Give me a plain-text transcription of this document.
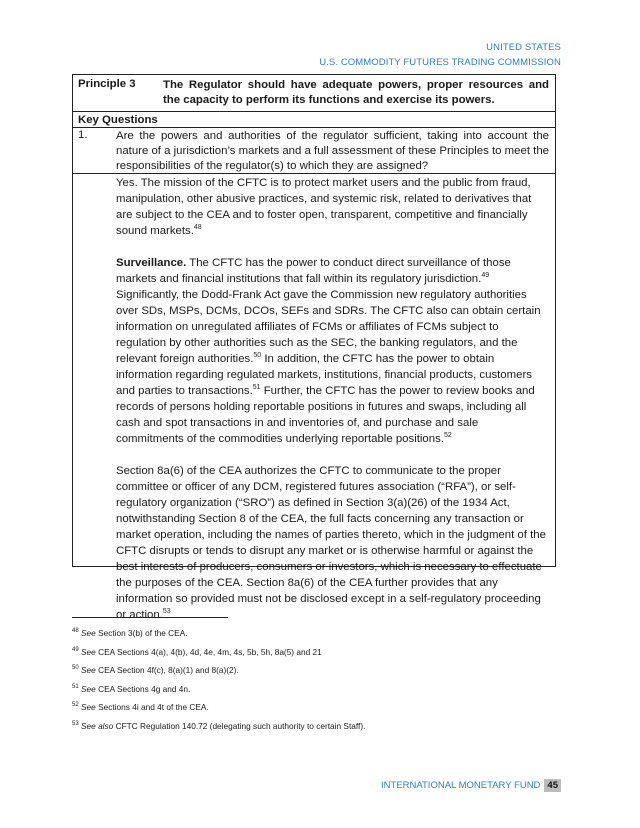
UNITED STATES
U.S. COMMODITY FUTURES TRADING COMMISSION
Principle 3 The Regulator should have adequate powers, proper resources and the capacity to perform its functions and exercise its powers.
Key Questions
1.	Are the powers and authorities of the regulator sufficient, taking into account the nature of a jurisdiction’s markets and a full assessment of these Principles to meet the responsibilities of the regulator(s) to which they are assigned?

Yes. The mission of the CFTC is to protect market users and the public from fraud, manipulation, other abusive practices, and systemic risk, related to derivatives that are subject to the CEA and to foster open, transparent, competitive and financially sound markets.$^{48}$

Surveillance. The CFTC has the power to conduct direct surveillance of those markets and financial institutions that fall within its regulatory jurisdiction.$^{49}$ Significantly, the Dodd-Frank Act gave the Commission new regulatory authorities over SDs, MSPs, DCMs, DCOs, SEFs and SDRs. The CFTC also can obtain certain information on unregulated affiliates of FCMs or affiliates of FCMs subject to regulation by other authorities such as the SEC, the banking regulators, and the relevant foreign authorities.$^{50}$ In addition, the CFTC has the power to obtain information regarding regulated markets, institutions, financial products, customers and parties to transactions.$^{51}$ Further, the CFTC has the power to review books and records of persons holding reportable positions in futures and swaps, including all cash and spot transactions in and inventories of, and purchase and sale commitments of the commodities underlying reportable positions.$^{52}$

Section 8a(6) of the CEA authorizes the CFTC to communicate to the proper committee or officer of any DCM, registered futures association (“RFA”), or self-regulatory organization (“SRO”) as defined in Section 3(a)(26) of the 1934 Act, notwithstanding Section 8 of the CEA, the full facts concerning any transaction or market operation, including the names of parties thereto, which in the judgment of the CFTC disrupts or tends to disrupt any market or is otherwise harmful or against the best interests of producers, consumers or investors, which is necessary to effectuate the purposes of the CEA. Section 8a(6) of the CEA further provides that any information so provided must not be disclosed except in a self-regulatory proceeding or action.$^{53}$

$^{48}$ See Section 3(b) of the CEA.
$^{49}$ See CEA Sections 4(a), 4(b), 4d, 4e, 4m, 4s, 5b, 5h, 8a(5) and 21
$^{50}$ See CEA Section 4f(c), 8(a)(1) and 8(a)(2).
$^{51}$ See CEA Sections 4g and 4n.
$^{52}$ See Sections 4i and 4t of the CEA.
$^{53}$ See also CFTC Regulation 140.72 (delegating such authority to certain Staff).
INTERNATIONAL MONETARY FUND 45
